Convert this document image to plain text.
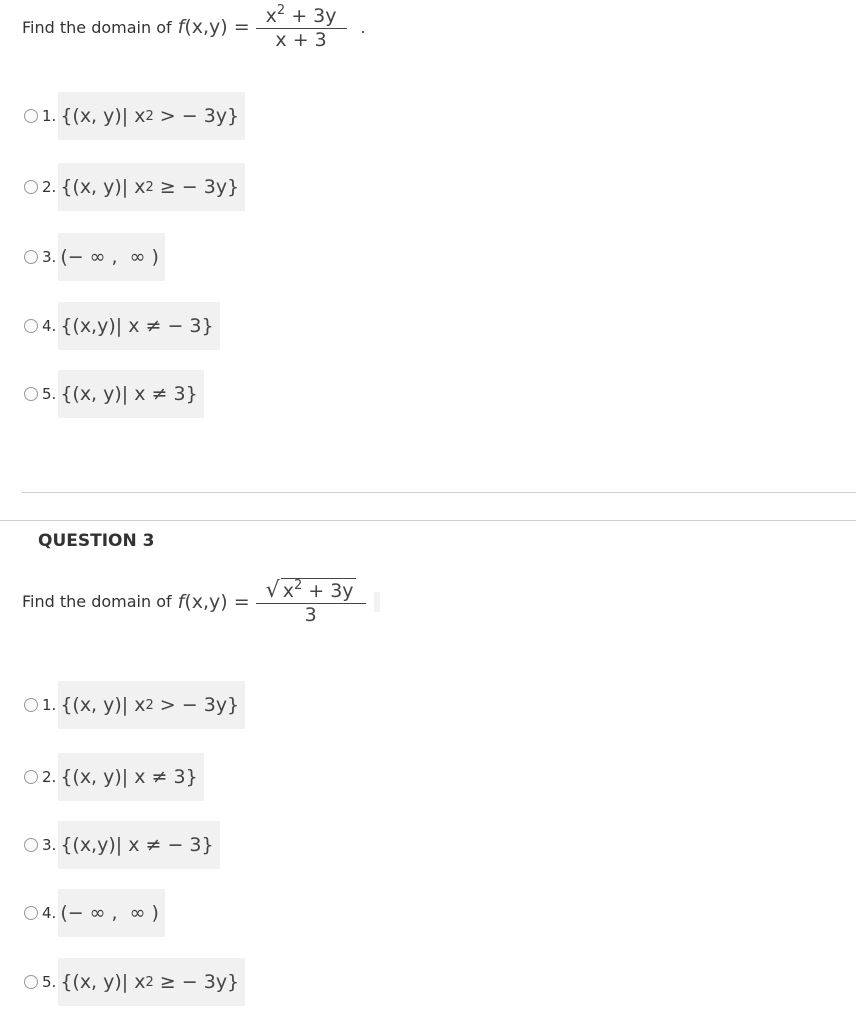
Find the domain of $f(x,y) = \frac{x^2 + 3y}{x + 3}$ .
1. {(x, y)| x 2 > − 3y}
2. {(x, y)| x 2 ≥ − 3y}
3. (− ∞ ,  ∞ )
4. {(x,y)| x ≠ − 3}
5. {(x, y)| x ≠ 3}
QUESTION 3
Find the domain of $f(x,y) = \frac{√ x^2 + 3y}{3}$
1. {(x, y)| x 2 > − 3y}
2. {(x, y)| x ≠ 3}
3. {(x,y)| x ≠ − 3}
4. (− ∞ ,  ∞ )
5. {(x, y)| x 2 ≥ − 3y}
